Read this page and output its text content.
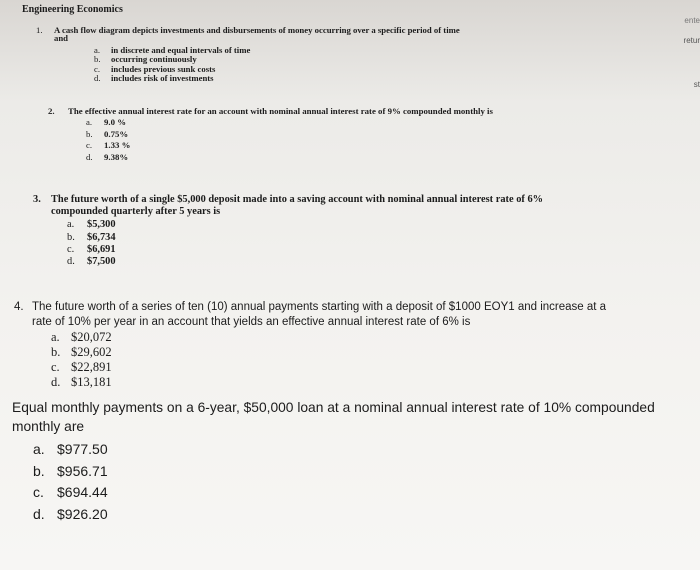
Engineering Economics
ente
retur
st
1.	A cash flow diagram depicts investments and disbursements of money occurring over a specific period of time
and
a. in discrete and equal intervals of time
b. occurring continuously
c. includes previous sunk costs
d. includes risk of investments
2.	The effective annual interest rate for an account with nominal annual interest rate of 9% compounded monthly is
a. 9.0 %
b. 0.75%
c. 1.33 %
d. 9.38%
3. The future worth of a single $5,000 deposit made into a saving account with nominal annual interest rate of 6%
compounded quarterly after 5 years is
a. $5,300
b. $6,734
c. $6,691
d. $7,500
4. The future worth of a series of ten (10) annual payments starting with a deposit of $1000 EOY1 and increase at a
rate of 10% per year in an account that yields an effective annual interest rate of 6% is
a. $20,072
b. $29,602
c. $22,891
d. $13,181
Equal monthly payments on a 6-year, $50,000 loan at a nominal annual interest rate of 10% compounded
monthly are
a. $977.50
b. $956.71
c. $694.44
d. $926.20
